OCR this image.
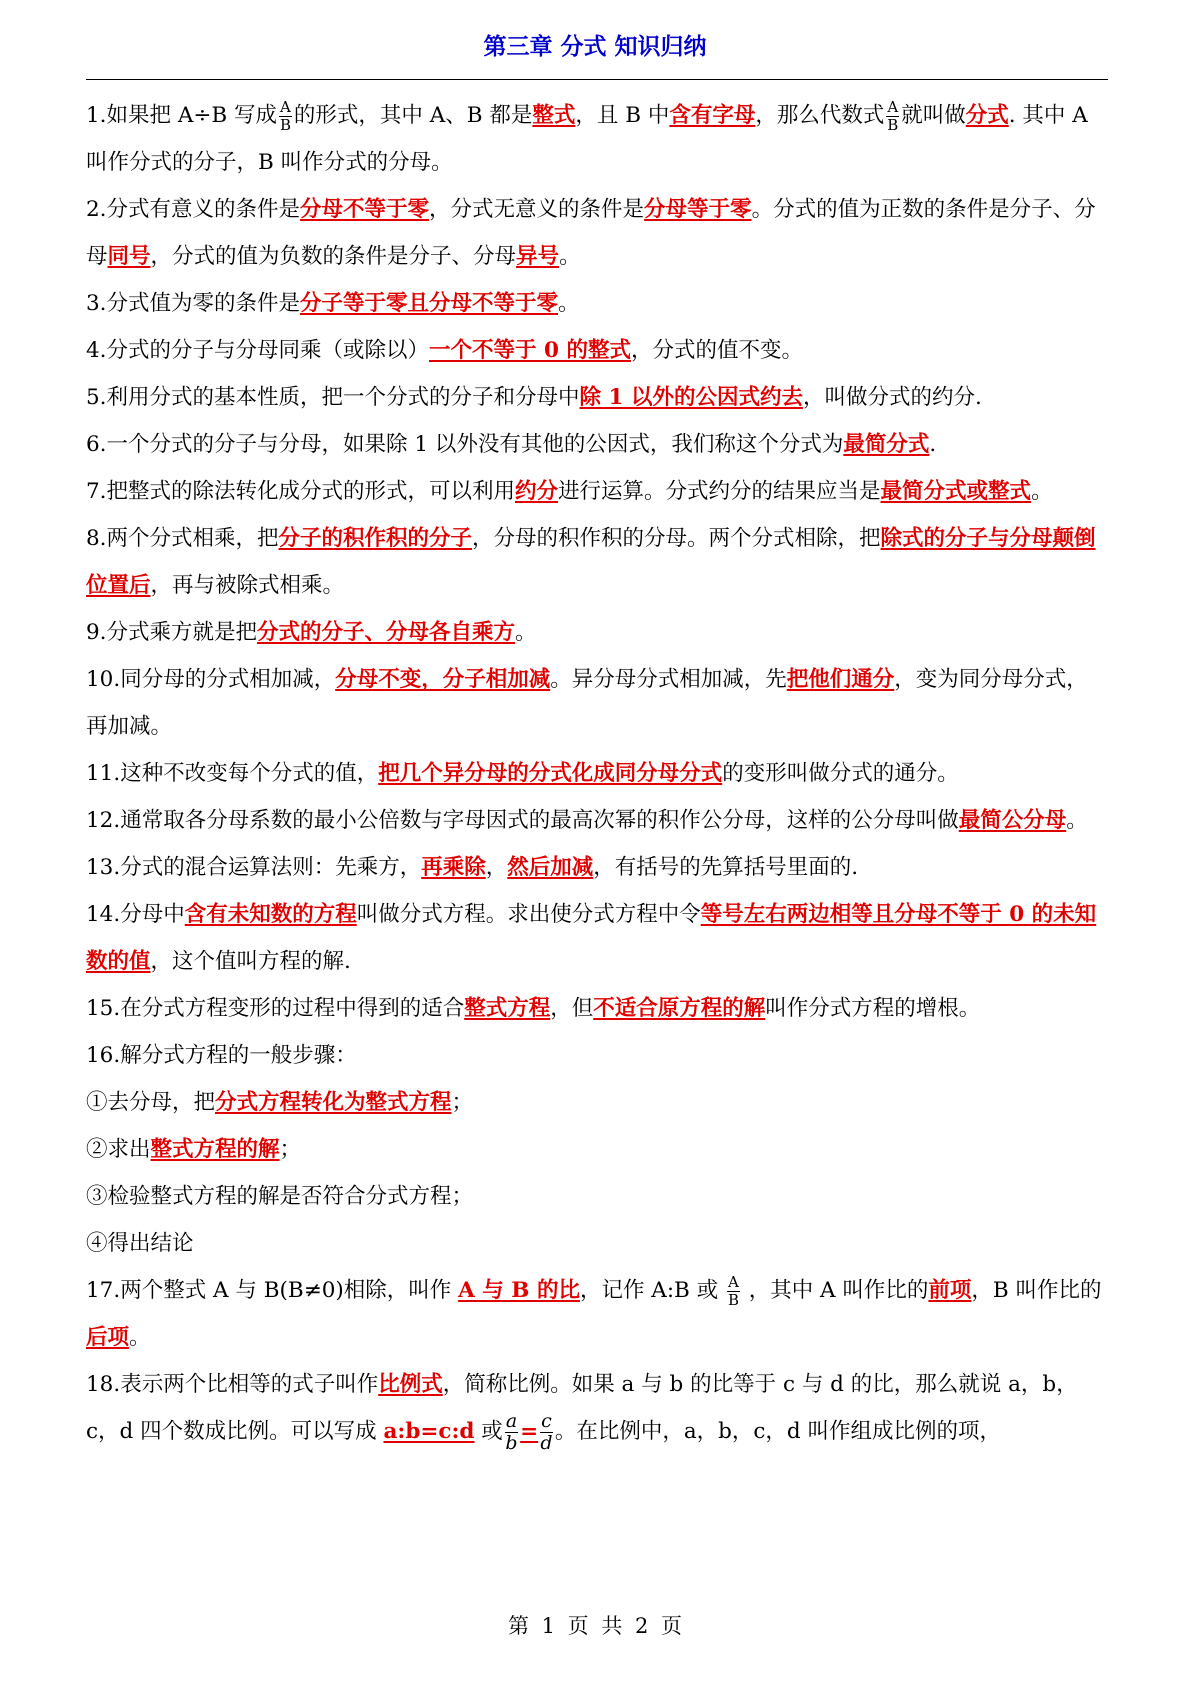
第三章 分式 知识归纳

1.如果把 A÷B 写成 $\frac{A}{B}$ 的形式，其中 A、B 都是整式，且 B 中含有字母，那么代数式 $\frac{A}{B}$ 就叫做分式. 其中 A 叫作分式的分子，B 叫作分式的分母。

2.分式有意义的条件是分母不等于零，分式无意义的条件是分母等于零。分式的值为正数的条件是分子、分母同号，分式的值为负数的条件是分子、分母异号。

3.分式值为零的条件是分子等于零且分母不等于零。

4.分式的分子与分母同乘（或除以）一个不等于 0 的整式，分式的值不变。

5.利用分式的基本性质，把一个分式的分子和分母中除 1 以外的公因式约去，叫做分式的约分.

6.一个分式的分子与分母，如果除 1 以外没有其他的公因式，我们称这个分式为最简分式.

7.把整式的除法转化成分式的形式，可以利用约分进行运算。分式约分的结果应当是最简分式或整式。

8.两个分式相乘，把分子的积作积的分子，分母的积作积的分母。两个分式相除，把除式的分子与分母颠倒位置后，再与被除式相乘。

9.分式乘方就是把分式的分子、分母各自乘方。

10.同分母的分式相加减，分母不变，分子相加减。异分母分式相加减，先把他们通分，变为同分母分式，再加减。

11.这种不改变每个分式的值，把几个异分母的分式化成同分母分式的变形叫做分式的通分。

12.通常取各分母系数的最小公倍数与字母因式的最高次幂的积作公分母，这样的公分母叫做最简公分母。

13.分式的混合运算法则：先乘方，再乘除，然后加减，有括号的先算括号里面的.

14.分母中含有未知数的方程叫做分式方程。求出使分式方程中令等号左右两边相等且分母不等于 0 的未知数的值，这个值叫方程的解.

15.在分式方程变形的过程中得到的适合整式方程，但不适合原方程的解叫作分式方程的增根。

16.解分式方程的一般步骤：

①去分母，把分式方程转化为整式方程；

②求出整式方程的解；

③检验整式方程的解是否符合分式方程；

④得出结论

17.两个整式 A 与 B(B≠0)相除，叫作 A 与 B 的比，记作 A:B 或 $\frac{A}{B}$ ，其中 A 叫作比的前项，B 叫作比的后项。

18.表示两个比相等的式子叫作比例式，简称比例。如果 a 与 b 的比等于 c 与 d 的比，那么就说 a，b，c，d 四个数成比例。可以写成 a:b=c:d 或 $\frac{a}{b} = \frac{c}{d}$ 。在比例中，a，b，c，d 叫作组成比例的项，

第 1 页 共 2 页
